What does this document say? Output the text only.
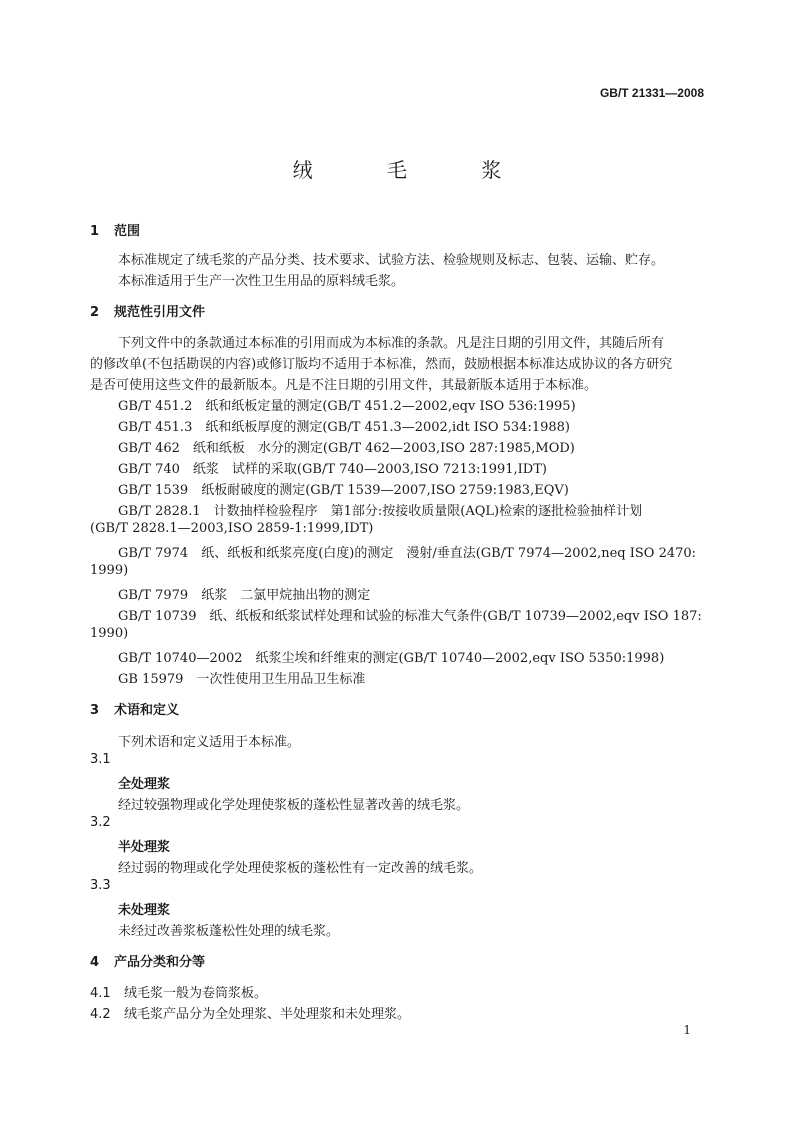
GB/T 21331—2008
绒 毛 浆
1 范围
本标准规定了绒毛浆的产品分类、技术要求、试验方法、检验规则及标志、包装、运输、贮存。
本标准适用于生产一次性卫生用品的原料绒毛浆。
2 规范性引用文件
下列文件中的条款通过本标准的引用而成为本标准的条款。凡是注日期的引用文件，其随后所有
的修改单(不包括勘误的内容)或修订版均不适用于本标准，然而，鼓励根据本标准达成协议的各方研究
是否可使用这些文件的最新版本。凡是不注日期的引用文件，其最新版本适用于本标准。
GB/T 451.2　纸和纸板定量的测定(GB/T 451.2—2002,eqv ISO 536:1995)
GB/T 451.3　纸和纸板厚度的测定(GB/T 451.3—2002,idt ISO 534:1988)
GB/T 462　纸和纸板　水分的测定(GB/T 462—2003,ISO 287:1985,MOD)
GB/T 740　纸浆　试样的采取(GB/T 740—2003,ISO 7213:1991,IDT)
GB/T 1539　纸板耐破度的测定(GB/T 1539—2007,ISO 2759:1983,EQV)
GB/T 2828.1　计数抽样检验程序　第1部分:按接收质量限(AQL)检索的逐批检验抽样计划
(GB/T 2828.1—2003,ISO 2859-1:1999,IDT)
GB/T 7974　纸、纸板和纸浆亮度(白度)的测定　漫射/垂直法(GB/T 7974—2002,neq ISO 2470:
1999)
GB/T 7979　纸浆　二氯甲烷抽出物的测定
GB/T 10739　纸、纸板和纸浆试样处理和试验的标准大气条件(GB/T 10739—2002,eqv ISO 187:
1990)
GB/T 10740—2002　纸浆尘埃和纤维束的测定(GB/T 10740—2002,eqv ISO 5350:1998)
GB 15979　一次性使用卫生用品卫生标准
3 术语和定义
下列术语和定义适用于本标准。
3.1
全处理浆
经过较强物理或化学处理使浆板的蓬松性显著改善的绒毛浆。
3.2
半处理浆
经过弱的物理或化学处理使浆板的蓬松性有一定改善的绒毛浆。
3.3
未处理浆
未经过改善浆板蓬松性处理的绒毛浆。
4 产品分类和分等
4.1 绒毛浆一般为卷筒浆板。
4.2 绒毛浆产品分为全处理浆、半处理浆和未处理浆。
1
